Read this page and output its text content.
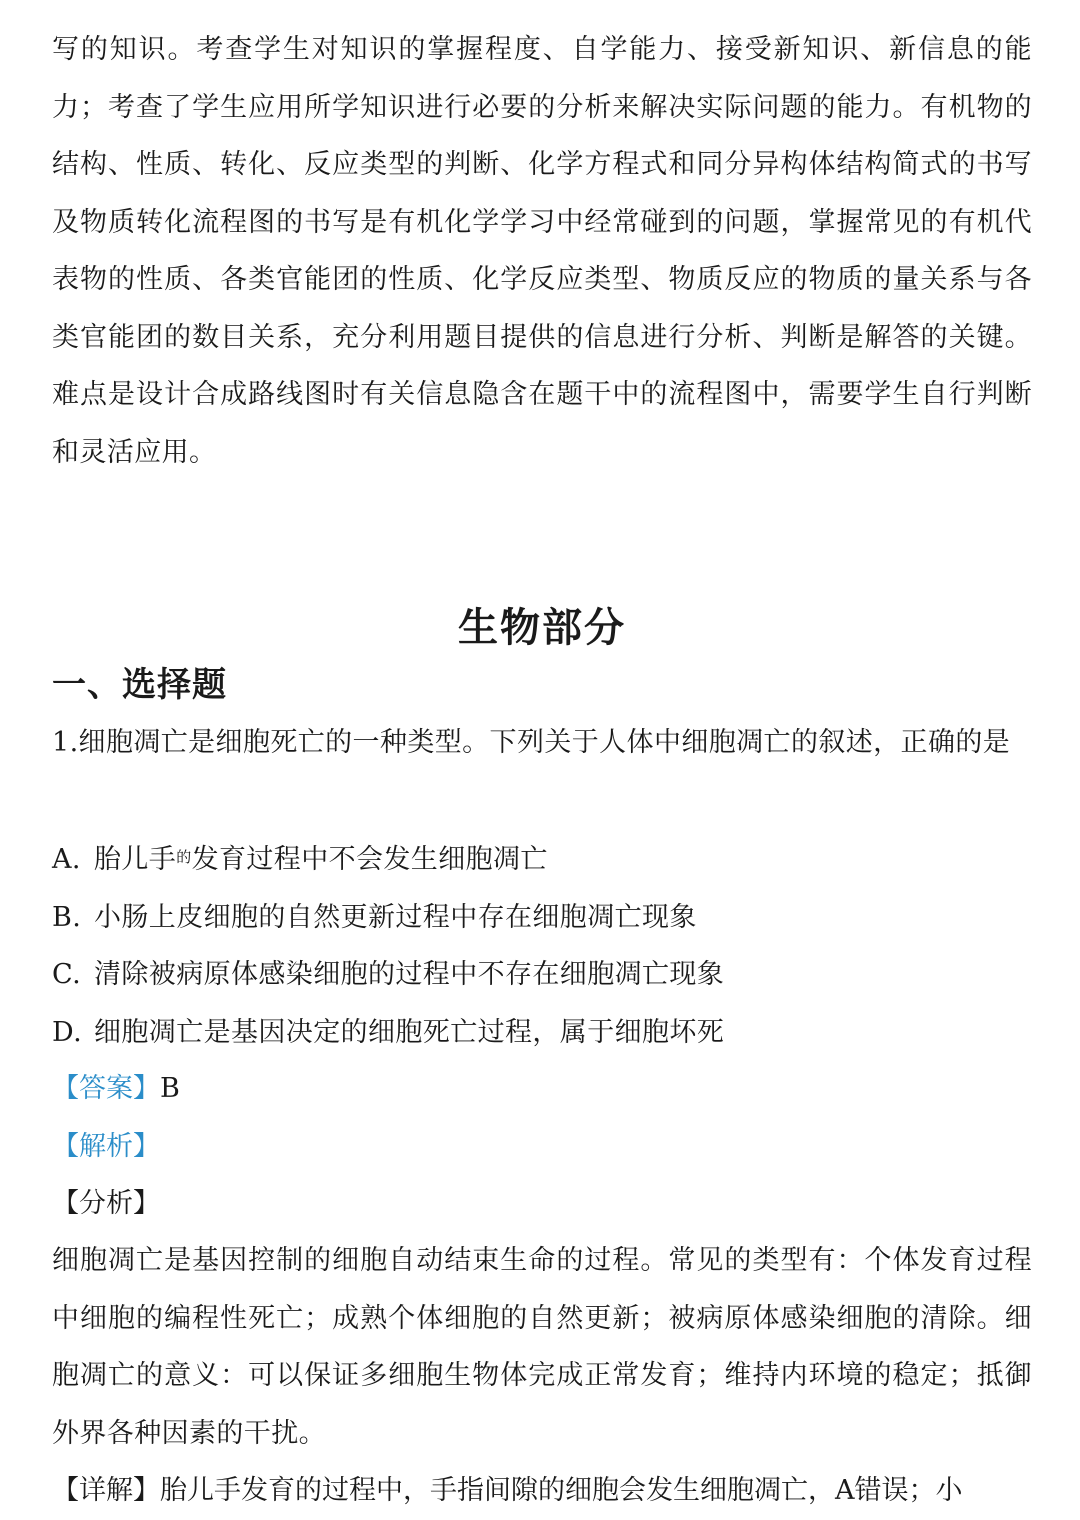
写的知识。考查学生对知识的掌握程度、自学能力、接受新知识、新信息的能力；考查了学生应用所学知识进行必要的分析来解决实际问题的能力。有机物的结构、性质、转化、反应类型的判断、化学方程式和同分异构体结构简式的书写及物质转化流程图的书写是有机化学学习中经常碰到的问题，掌握常见的有机代表物的性质、各类官能团的性质、化学反应类型、物质反应的物质的量关系与各类官能团的数目关系，充分利用题目提供的信息进行分析、判断是解答的关键。难点是设计合成路线图时有关信息隐含在题干中的流程图中，需要学生自行判断和灵活应用。

生物部分
一、选择题

1.细胞凋亡是细胞死亡的一种类型。下列关于人体中细胞凋亡的叙述，正确的是

A. 胎儿手$^的$发育过程中不会发生细胞凋亡

B. 小肠上皮细胞的自然更新过程中存在细胞凋亡现象

C. 清除被病原体感染细胞的过程中不存在细胞凋亡现象

D. 细胞凋亡是基因决定的细胞死亡过程，属于细胞坏死

【答案】B

【解析】

【分析】

细胞凋亡是基因控制的细胞自动结束生命的过程。常见的类型有：个体发育过程中细胞的编程性死亡；成熟个体细胞的自然更新；被病原体感染细胞的清除。细胞凋亡的意义：可以保证多细胞生物体完成正常发育；维持内环境的稳定；抵御外界各种因素的干扰。

【详解】胎儿手发育的过程中，手指间隙的细胞会发生细胞凋亡，A错误；小
